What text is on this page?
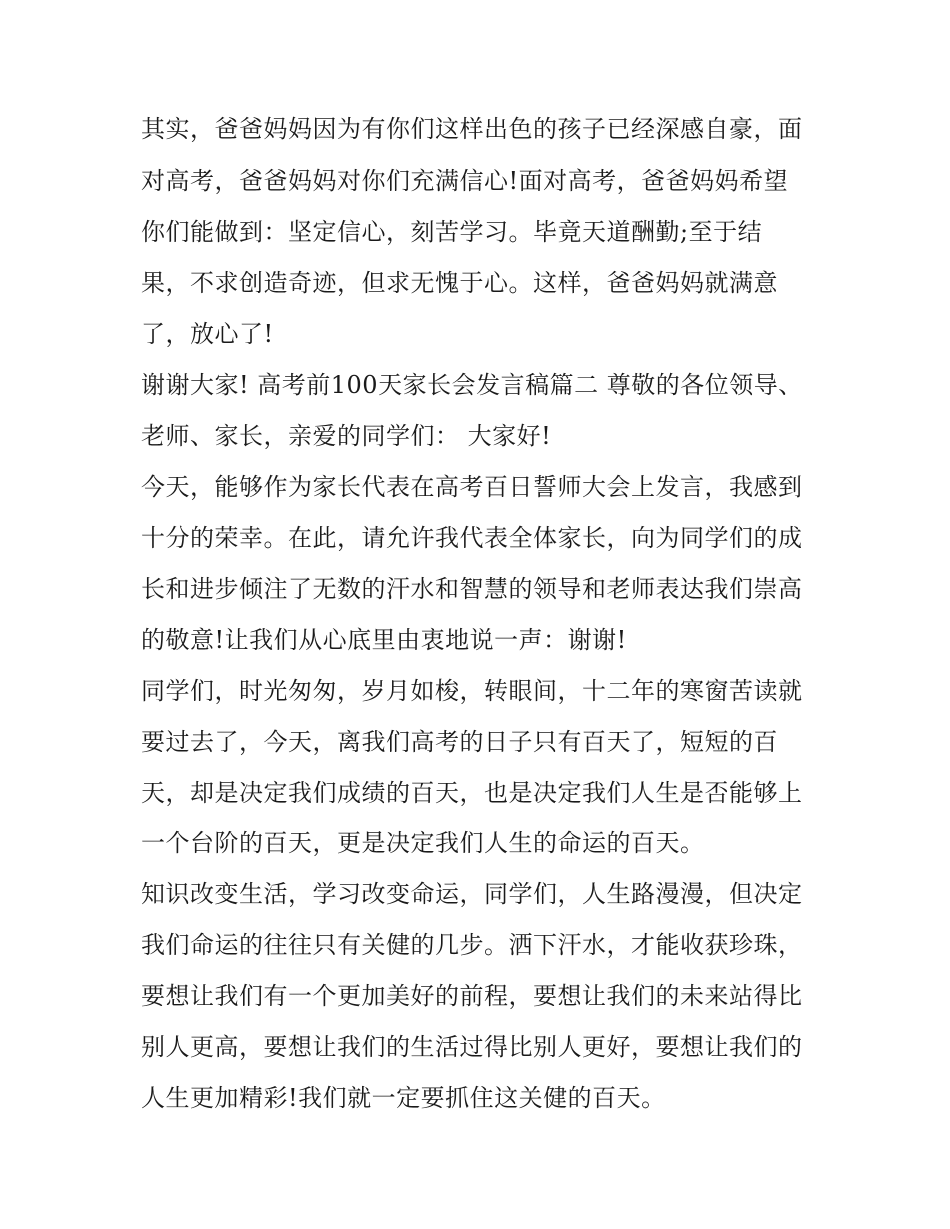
其实，爸爸妈妈因为有你们这样出色的孩子已经深感自豪，面
对高考，爸爸妈妈对你们充满信心!面对高考，爸爸妈妈希望
你们能做到：坚定信心，刻苦学习。毕竟天道酬勤;至于结
果，不求创造奇迹，但求无愧于心。这样，爸爸妈妈就满意
了，放心了!
谢谢大家! 高考前100天家长会发言稿篇二 尊敬的各位领导、
老师、家长，亲爱的同学们： 大家好!
今天，能够作为家长代表在高考百日誓师大会上发言，我感到
十分的荣幸。在此，请允许我代表全体家长，向为同学们的成
长和进步倾注了无数的汗水和智慧的领导和老师表达我们崇高
的敬意!让我们从心底里由衷地说一声：谢谢!
同学们，时光匆匆，岁月如梭，转眼间，十二年的寒窗苦读就
要过去了，今天，离我们高考的日子只有百天了，短短的百
天，却是决定我们成绩的百天，也是决定我们人生是否能够上
一个台阶的百天，更是决定我们人生的命运的百天。
知识改变生活，学习改变命运，同学们，人生路漫漫，但决定
我们命运的往往只有关健的几步。洒下汗水，才能收获珍珠，
要想让我们有一个更加美好的前程，要想让我们的未来站得比
别人更高，要想让我们的生活过得比别人更好，要想让我们的
人生更加精彩!我们就一定要抓住这关健的百天。
